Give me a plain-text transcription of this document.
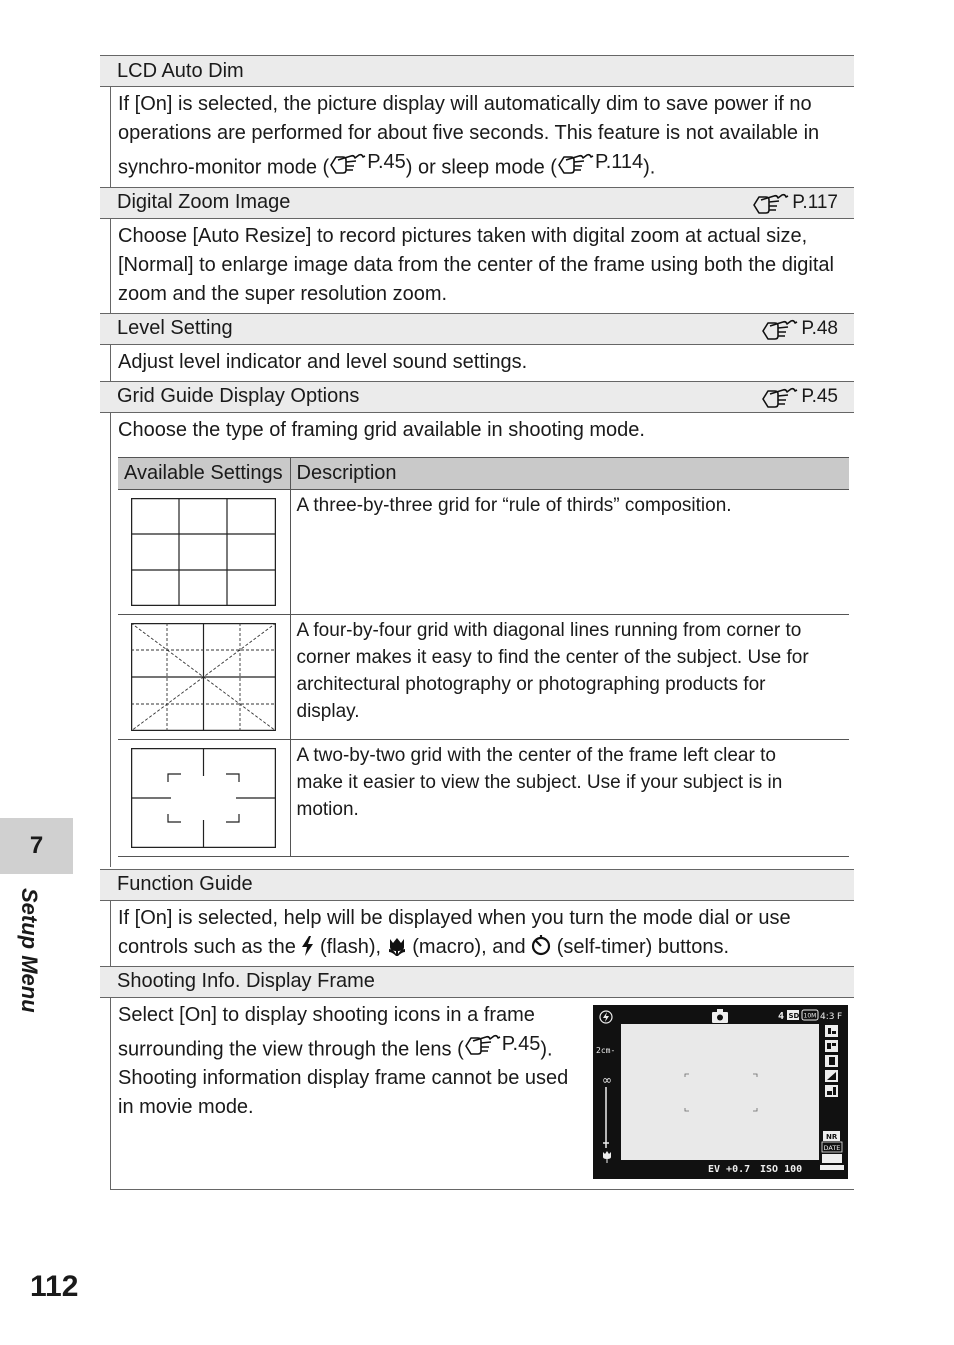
LCD Auto Dim
If [On] is selected, the picture display will automatically dim to save power if no operations are performed for about five seconds. This feature is not available in synchro-monitor mode ( P.45 ) or sleep mode ( P.114 ).
Digital Zoom Image	P.117
Choose [Auto Resize] to record pictures taken with digital zoom at actual size, [Normal] to enlarge image data from the center of the frame using both the digital zoom and the super resolution zoom.
Level Setting	P.48
Adjust level indicator and level sound settings.
Grid Guide Display Options	P.45
Choose the type of framing grid available in shooting mode.
Available Settings	Description

	A three-by-three grid for “rule of thirds” composition.

	A four-by-four grid with diagonal lines running from corner to corner makes it easy to find the center of the subject. Use for architectural photography or photographing products for display.

	A two-by-two grid with the center of the frame left clear to make it easier to view the subject. Use if your subject is in motion.
Function Guide
If [On] is selected, help will be displayed when you turn the mode dial or use controls such as the  (flash),  (macro), and  (self-timer) buttons.
Shooting Info. Display Frame
Select [On] to display shooting icons in a frame surrounding the view through the lens ( P.45 ). Shooting information display frame cannot be used in movie mode.
4 SD 10M 4:3 F
NR
DATE
2cm-
∞
EV +0.7 ISO 100
7
Setup Menu
112
